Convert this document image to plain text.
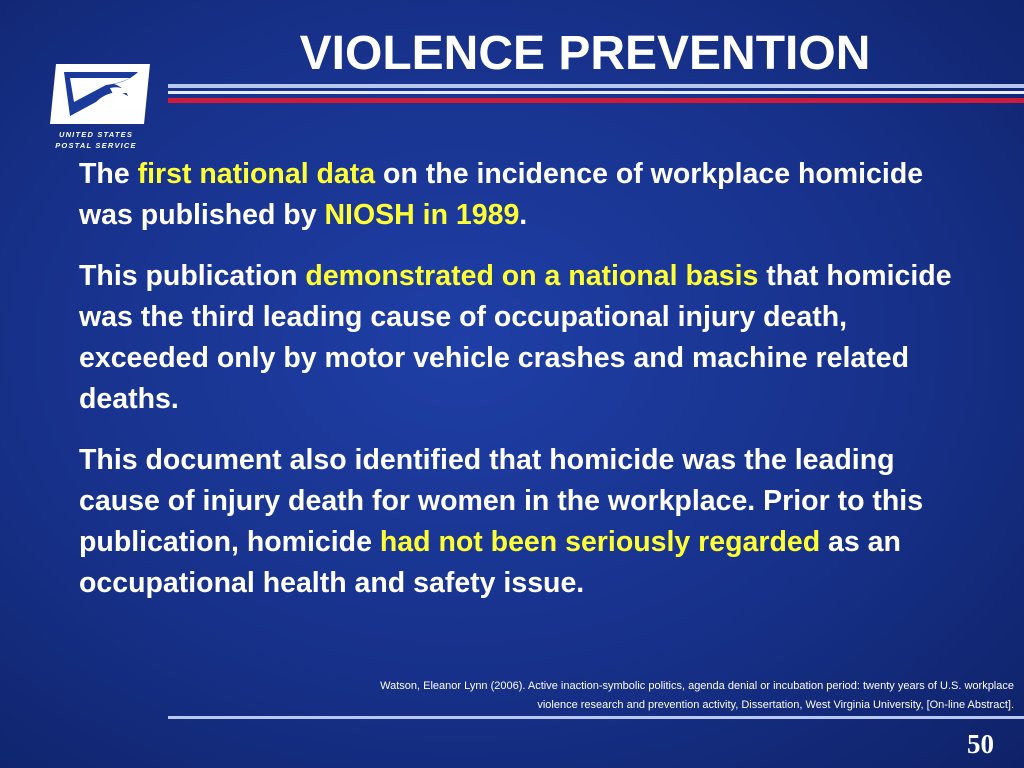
UNITED STATES
POSTAL SERVICE
VIOLENCE PREVENTION

The first national data on the incidence of workplace homicide was published by NIOSH in 1989.

This publication demonstrated on a national basis that homicide was the third leading cause of occupational injury death, exceeded only by motor vehicle crashes and machine related deaths.

This document also identified that homicide was the leading cause of injury death for women in the workplace. Prior to this publication, homicide had not been seriously regarded as an occupational health and safety issue.

Watson, Eleanor Lynn (2006). Active inaction-symbolic politics, agenda denial or incubation period: twenty years of U.S. workplace
violence research and prevention activity, Dissertation, West Virginia University, [On-line Abstract].
50
